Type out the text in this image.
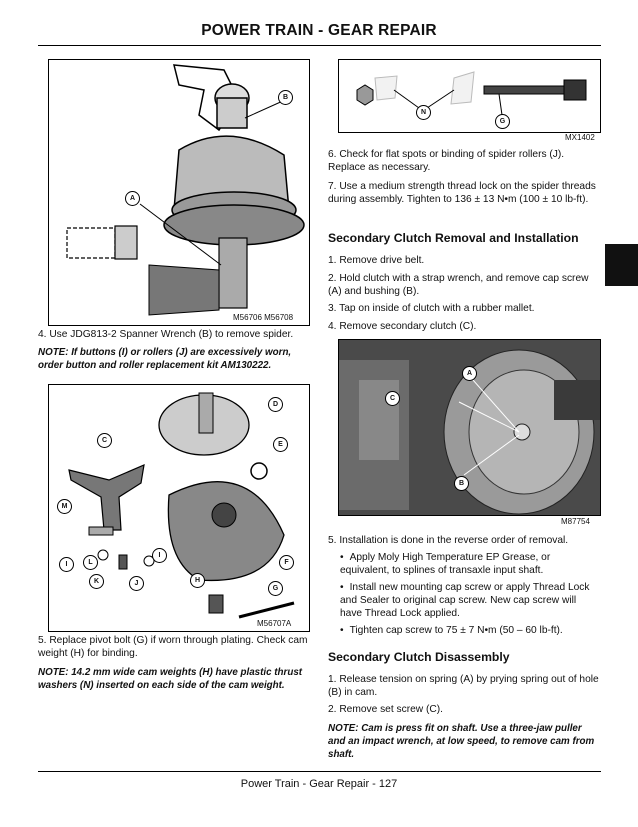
POWER TRAIN - GEAR REPAIR
B
A
M56706 M56708
4. Use JDG813-2 Spanner Wrench (B) to remove spider.
NOTE: If buttons (I) or rollers (J) are excessively worn, order button and roller replacement kit AM130222.
D
C
E
M
L
I
I
K	J	H
F
G
M56707A
5. Replace pivot bolt (G) if worn through plating. Check cam weight (H) for binding.
NOTE: 14.2 mm wide cam weights (H) have plastic thrust washers (N) inserted on each side of the cam weight.
N
G
MX1402
6. Check for flat spots or binding of spider rollers (J). Replace as necessary.
7. Use a medium strength thread lock on the spider threads during assembly. Tighten to 136 ± 13 N•m (100 ± 10 lb-ft).
Secondary Clutch Removal and Installation
1. Remove drive belt.
2. Hold clutch with a strap wrench, and remove cap screw (A) and bushing (B).
3. Tap on inside of clutch with a rubber mallet.
4. Remove secondary clutch (C).
A
C
B
M87754
5. Installation is done in the reverse order of removal.
• Apply Moly High Temperature EP Grease, or equivalent, to splines of transaxle input shaft.
• Install new mounting cap screw or apply Thread Lock and Sealer to original cap screw. New cap screw will have Thread Lock applied.
• Tighten cap screw to 75 ± 7 N•m (50 – 60 lb-ft).
Secondary Clutch Disassembly
1. Release tension on spring (A) by prying spring out of hole (B) in cam.
2. Remove set screw (C).
NOTE: Cam is press fit on shaft. Use a three-jaw puller and an impact wrench, at low speed, to remove cam from shaft.
Power Train - Gear Repair - 127
